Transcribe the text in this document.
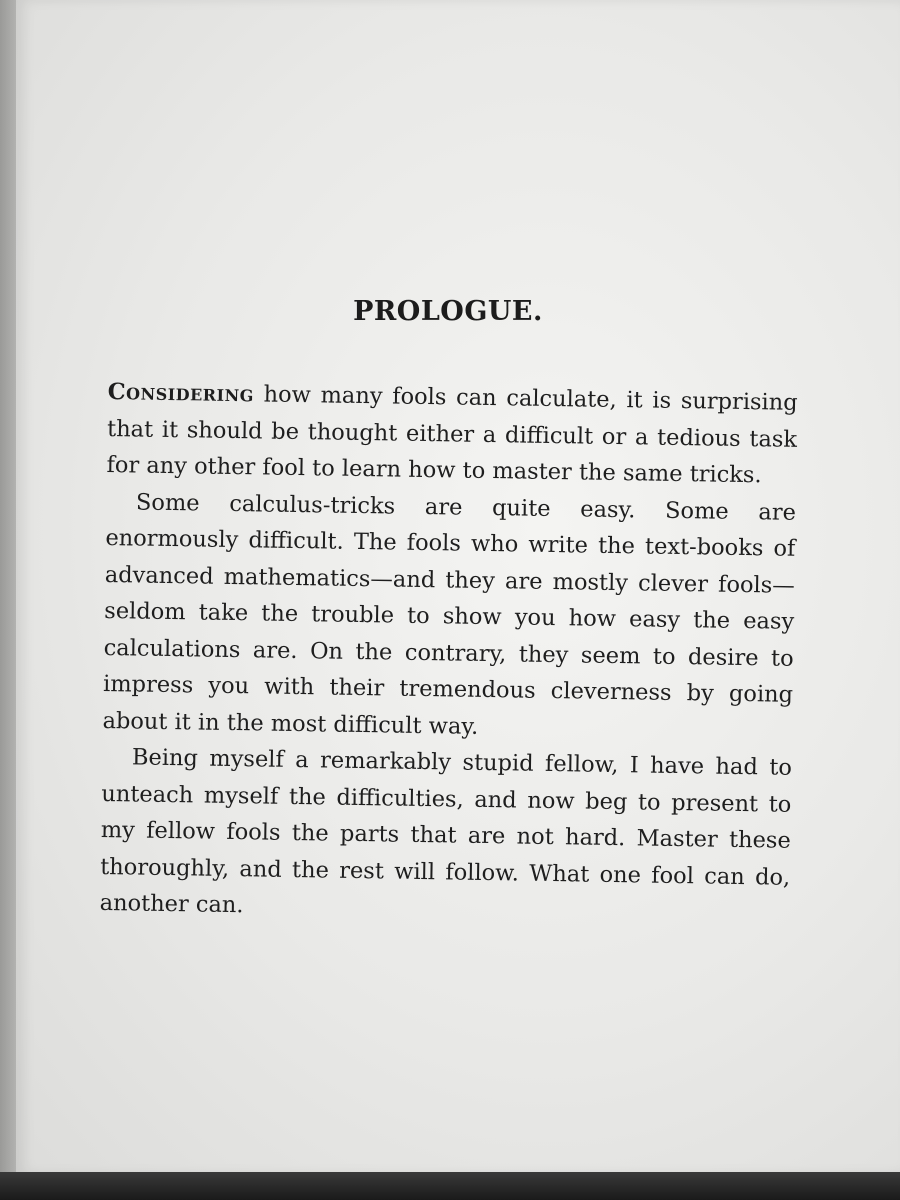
PROLOGUE.

Considering how many fools can calculate, it is surprising that it should be thought either a difficult or a tedious task for any other fool to learn how to master the same tricks.

Some calculus-tricks are quite easy. Some are enormously difficult. The fools who write the text-books of advanced mathematics—and they are mostly clever fools—seldom take the trouble to show you how easy the easy calculations are. On the contrary, they seem to desire to impress you with their tremendous cleverness by going about it in the most difficult way.

Being myself a remarkably stupid fellow, I have had to unteach myself the difficulties, and now beg to present to my fellow fools the parts that are not hard. Master these thoroughly, and the rest will follow. What one fool can do, another can.
